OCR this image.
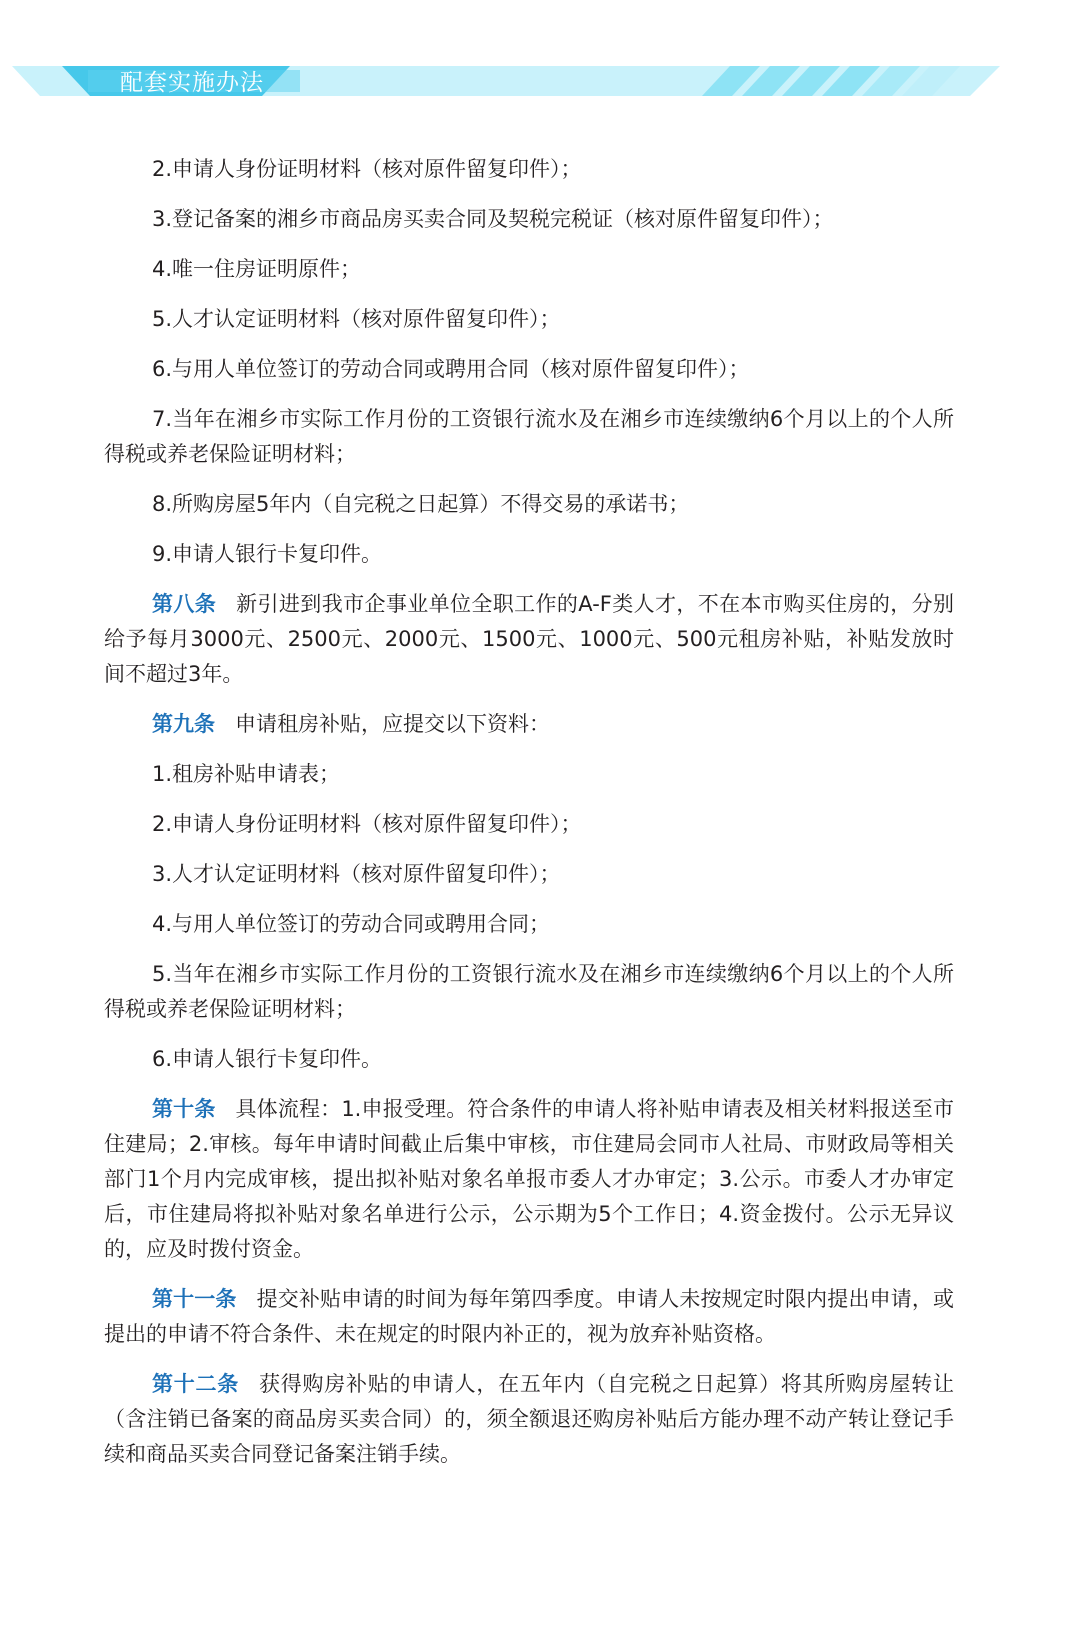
配套实施办法

2.申请人身份证明材料（核对原件留复印件）；

3.登记备案的湘乡市商品房买卖合同及契税完税证（核对原件留复印件）；

4.唯一住房证明原件；

5.人才认定证明材料（核对原件留复印件）；

6.与用人单位签订的劳动合同或聘用合同（核对原件留复印件）；

7.当年在湘乡市实际工作月份的工资银行流水及在湘乡市连续缴纳6个月以上的个人所得税或养老保险证明材料；

8.所购房屋5年内（自完税之日起算）不得交易的承诺书；

9.申请人银行卡复印件。

第八条 新引进到我市企事业单位全职工作的A-F类人才，不在本市购买住房的，分别给予每月3000元、2500元、2000元、1500元、1000元、500元租房补贴，补贴发放时间不超过3年。

第九条 申请租房补贴，应提交以下资料：

1.租房补贴申请表；

2.申请人身份证明材料（核对原件留复印件）；

3.人才认定证明材料（核对原件留复印件）；

4.与用人单位签订的劳动合同或聘用合同；

5.当年在湘乡市实际工作月份的工资银行流水及在湘乡市连续缴纳6个月以上的个人所得税或养老保险证明材料；

6.申请人银行卡复印件。

第十条 具体流程：1.申报受理。符合条件的申请人将补贴申请表及相关材料报送至市住建局；2.审核。每年申请时间截止后集中审核，市住建局会同市人社局、市财政局等相关部门1个月内完成审核，提出拟补贴对象名单报市委人才办审定；3.公示。市委人才办审定后，市住建局将拟补贴对象名单进行公示，公示期为5个工作日；4.资金拨付。公示无异议的，应及时拨付资金。

第十一条 提交补贴申请的时间为每年第四季度。申请人未按规定时限内提出申请，或提出的申请不符合条件、未在规定的时限内补正的，视为放弃补贴资格。

第十二条 获得购房补贴的申请人，在五年内（自完税之日起算）将其所购房屋转让（含注销已备案的商品房买卖合同）的，须全额退还购房补贴后方能办理不动产转让登记手续和商品买卖合同登记备案注销手续。
